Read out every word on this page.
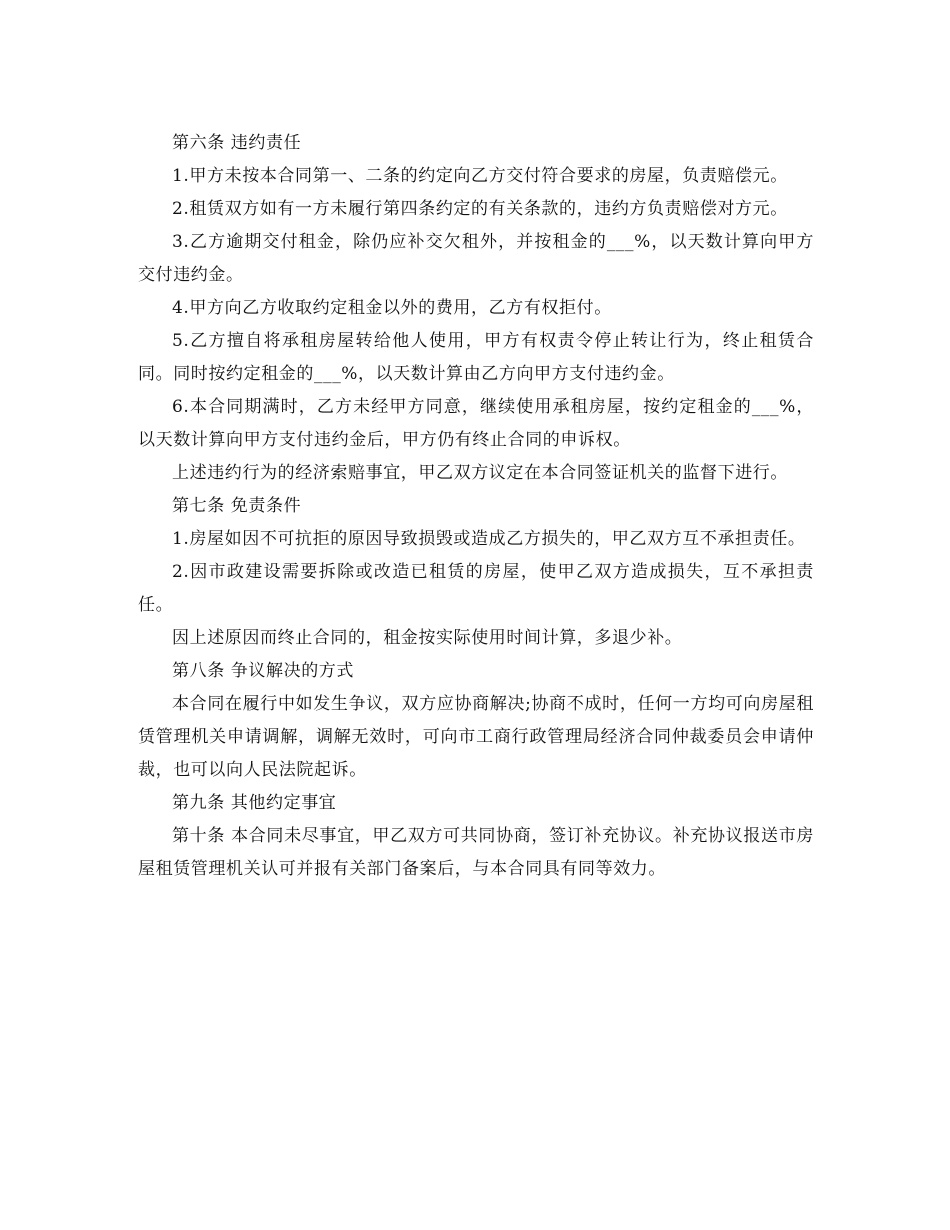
第六条 违约责任

1.甲方未按本合同第一、二条的约定向乙方交付符合要求的房屋，负责赔偿元。

2.租赁双方如有一方未履行第四条约定的有关条款的，违约方负责赔偿对方元。

3.乙方逾期交付租金，除仍应补交欠租外，并按租金的___%，以天数计算向甲方交付违约金。

4.甲方向乙方收取约定租金以外的费用，乙方有权拒付。

5.乙方擅自将承租房屋转给他人使用，甲方有权责令停止转让行为，终止租赁合同。同时按约定租金的___%，以天数计算由乙方向甲方支付违约金。

6.本合同期满时，乙方未经甲方同意，继续使用承租房屋，按约定租金的___%，以天数计算向甲方支付违约金后，甲方仍有终止合同的申诉权。

上述违约行为的经济索赔事宜，甲乙双方议定在本合同签证机关的监督下进行。

第七条 免责条件

1.房屋如因不可抗拒的原因导致损毁或造成乙方损失的，甲乙双方互不承担责任。

2.因市政建设需要拆除或改造已租赁的房屋，使甲乙双方造成损失，互不承担责任。

因上述原因而终止合同的，租金按实际使用时间计算，多退少补。

第八条 争议解决的方式

本合同在履行中如发生争议，双方应协商解决;协商不成时，任何一方均可向房屋租赁管理机关申请调解，调解无效时，可向市工商行政管理局经济合同仲裁委员会申请仲裁，也可以向人民法院起诉。

第九条 其他约定事宜

第十条 本合同未尽事宜，甲乙双方可共同协商，签订补充协议。补充协议报送市房屋租赁管理机关认可并报有关部门备案后，与本合同具有同等效力。
